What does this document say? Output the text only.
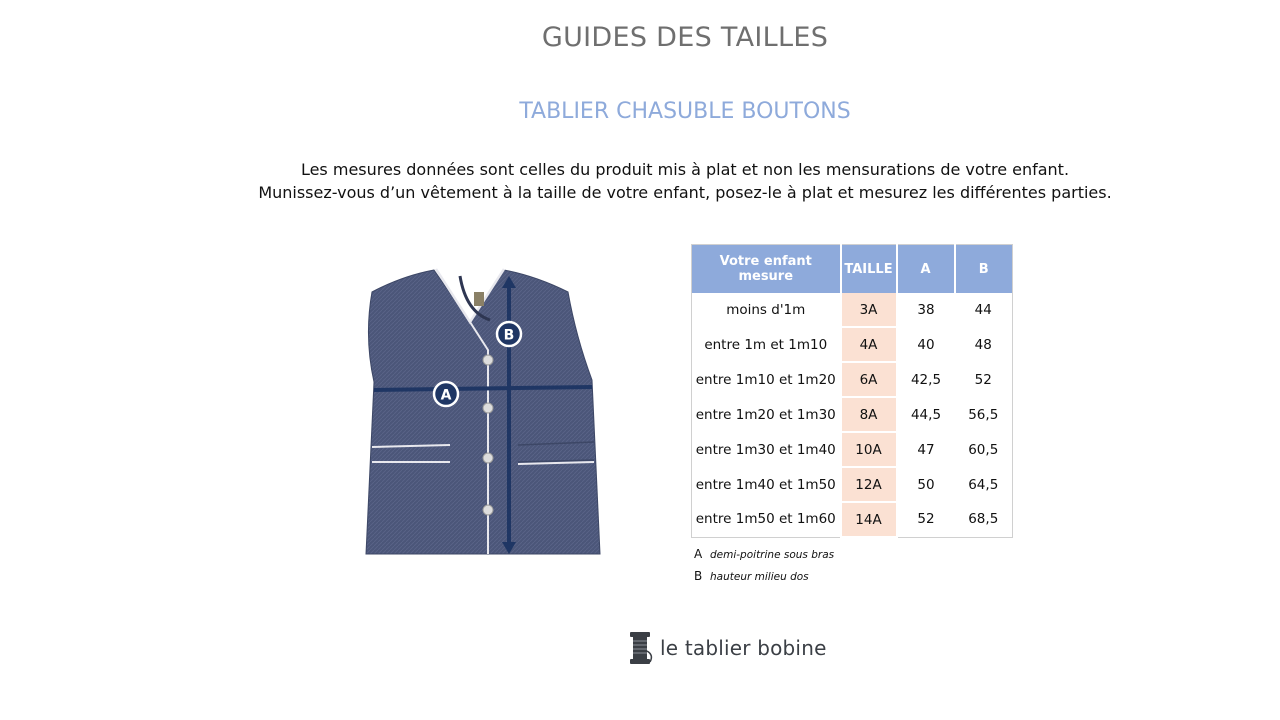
GUIDES DES TAILLES
TABLIER CHASUBLE BOUTONS
Les mesures données sont celles du produit mis à plat et non les mensurations de votre enfant.
Munissez-vous d’un vêtement à la taille de votre enfant, posez-le à plat et mesurez les différentes parties.
A
B
Votre enfant mesure	TAILLE	A	B
moins d'1m	3A	38	44
entre 1m et 1m10	4A	40	48
entre 1m10 et 1m20	6A	42,5	52
entre 1m20 et 1m30	8A	44,5	56,5
entre 1m30 et 1m40	10A	47	60,5
entre 1m40 et 1m50	12A	50	64,5
entre 1m50 et 1m60	14A	52	68,5
A demi-poitrine sous bras
B hauteur milieu dos
le tablier bobine
